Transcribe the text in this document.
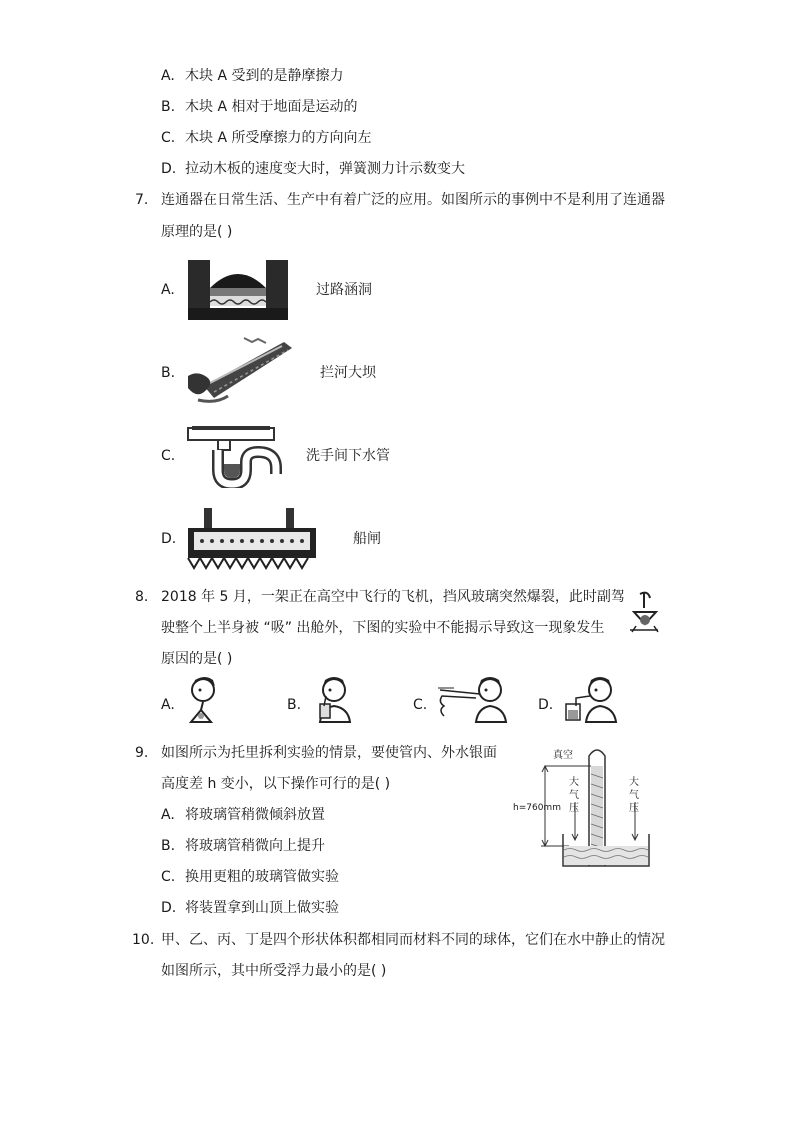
A. 木块 A 受到的是静摩擦力
B. 木块 A 相对于地面是运动的
C. 木块 A 所受摩擦力的方向向左
D. 拉动木板的速度变大时，弹簧测力计示数变大
7. 连通器在日常生活、生产中有着广泛的应用。如图所示的事例中不是利用了连通器
原理的是( )
A.	过路涵洞
B.	拦河大坝
C.	洗手间下水管
D.	船闸
8. 2018 年 5 月，一架正在高空中飞行的飞机，挡风玻璃突然爆裂，此时副驾
驶整个上半身被 “吸” 出舱外，下图的实验中不能揭示导致这一现象发生
原因的是( )
A.	B.	C.	D.
9. 如图所示为托里拆利实验的情景，要使管内、外水银面
高度差 h 变小，以下操作可行的是( )
A. 将玻璃管稍微倾斜放置
B. 将玻璃管稍微向上提升
C. 换用更粗的玻璃管做实验
D. 将装置拿到山顶上做实验
真空
h=760mm
大
气
压
大
气
压
10. 甲、乙、丙、丁是四个形状体积都相同而材料不同的球体，它们在水中静止的情况
如图所示，其中所受浮力最小的是( )
